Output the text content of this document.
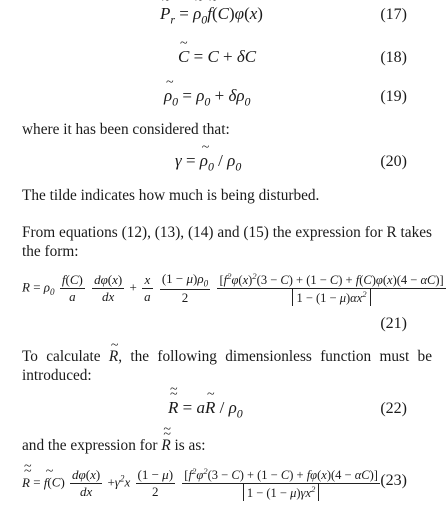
~ $P_r$ = ~ $\rho_0\sim$ f(C)φ(x)	(17)
~ C = C + δC	(18)
~ $\rho_0 = \rho_0 + \delta\rho_0$	(19)
where it has been considered that:
γ = ~ $\rho_0 / \rho_0$	(20)
The tilde indicates how much is being disturbed.
From equations (12), (13), (14) and (15) the expression for R takes the form:
$R = \rho_0 \frac{f(C)}{a}$
$\frac{d\varphi(x)}{dx} + \frac{x}{a}$
$\frac{(1 - \mu)\rho_0}{2}$
$\frac{[f^2\varphi(x)^2(3 - C) + (1 - C) + f(C)\varphi(x)(4 - \alpha C)]}{1 - (1 - \mu)\alpha x^2}$
(21)
To calculate ~ R, the following dimensionless function must be introduced:
~ R ~ = a~ R / $\rho_0$	(22)
and the expression for ~ R ~ is as:
~ R ~ = ~ $f(C) \frac{d\varphi(x)}{dx} +\gamma^2x \frac{(1 - \mu)}{2}$
$\frac{[f^2\varphi^2(3 - C) + (1 - C) + f\varphi(x)(4 - \alpha C)]}{1 - (1 - \mu)\gamma x^2} (23)$
